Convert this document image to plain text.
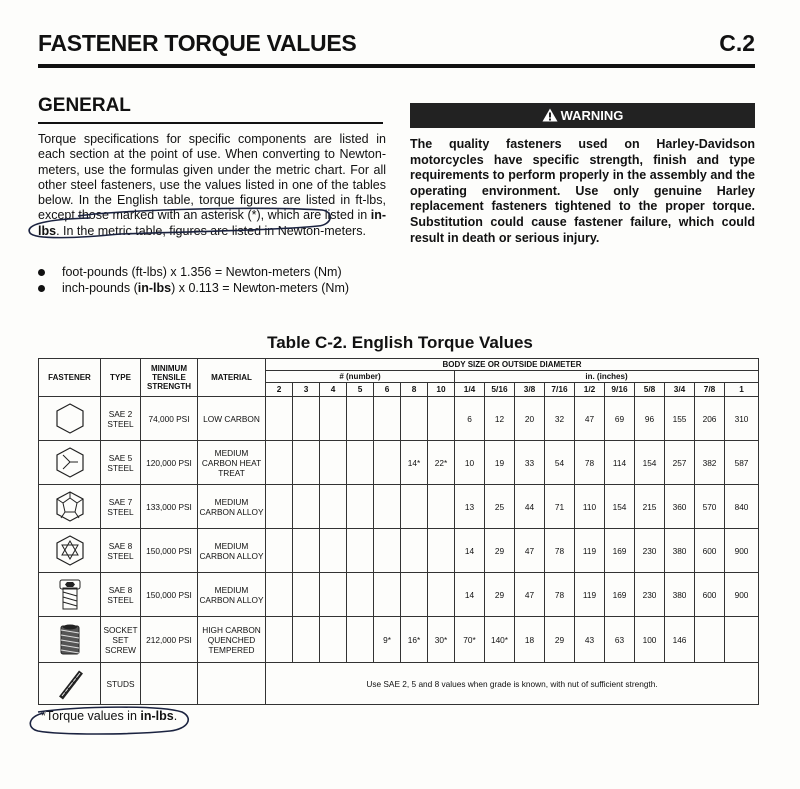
FASTENER TORQUE VALUES	C.2
GENERAL

Torque specifications for specific components are listed in each section at the point of use. When converting to Newton-meters, use the formulas given under the metric chart. For all other steel fasteners, use the values listed in one of the tables below. In the English table, torque figures are listed in ft-lbs, except those marked with an asterisk (*), which are listed in in-lbs. In the metric table, figures are listed in Newton-meters.

foot-pounds (ft-lbs) x 1.356 = Newton-meters (Nm)
inch-pounds (in-lbs) x 0.113 = Newton-meters (Nm)
WARNING

The quality fasteners used on Harley-Davidson motorcycles have specific strength, finish and type requirements to perform properly in the assembly and the operating environment. Use only genuine Harley replacement fasteners tightened to the proper torque. Substitution could cause fastener failure, which could result in death or serious injury.

Table C-2. English Torque Values
FASTENER	TYPE	MINIMUM TENSILE STRENGTH	MATERIAL	BODY SIZE OR OUTSIDE DIAMETER																
				# (number)							in. (inches)									
				2	3	4	5	6	8	10	1/4	5/16	3/8	7/16	1/2	9/16	5/8	3/4	7/8	1

	SAE 2 STEEL	74,000 PSI	LOW CARBON								6	12	20	32	47	69	96	155	206	310

	SAE 5 STEEL	120,000 PSI	MEDIUM CARBON HEAT TREAT						14*	22*	10	19	33	54	78	114	154	257	382	587

	SAE 7 STEEL	133,000 PSI	MEDIUM CARBON ALLOY								13	25	44	71	110	154	215	360	570	840

	SAE 8 STEEL	150,000 PSI	MEDIUM CARBON ALLOY								14	29	47	78	119	169	230	380	600	900

	SAE 8 STEEL	150,000 PSI	MEDIUM CARBON ALLOY								14	29	47	78	119	169	230	380	600	900

	SOCKET SET SCREW	212,000 PSI	HIGH CARBON QUENCHED TEMPERED					9*	16*	30*	70*	140*	18	29	43	63	100	146		

	STUDS			Use SAE 2, 5 and 8 values when grade is known, with nut of sufficient strength.																
*Torque values in in-lbs.
